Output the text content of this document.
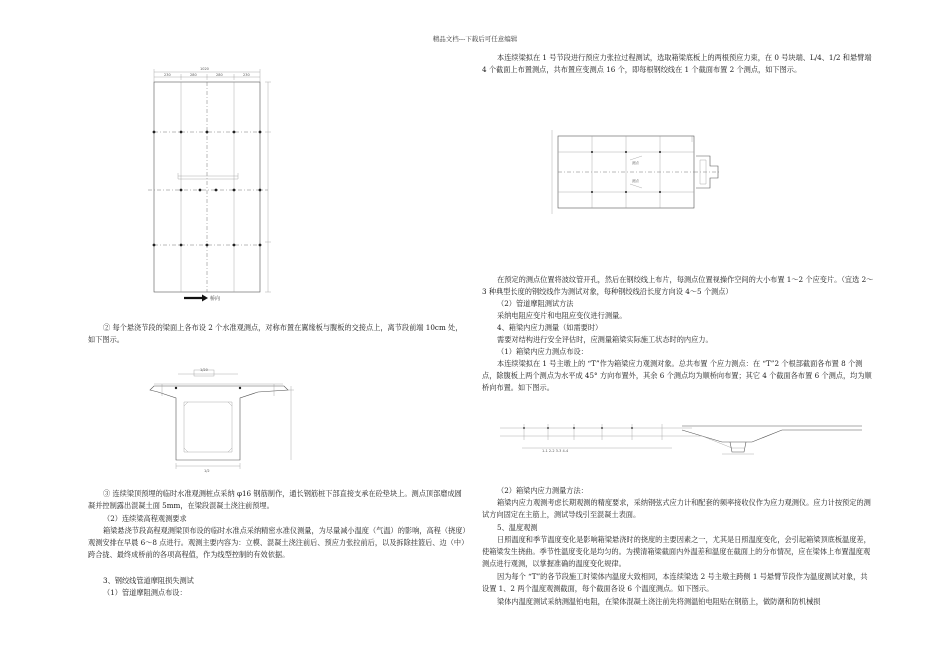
精品文档---下载后可任意编辑
1020
230	280	280	230
桥向

② 每个悬浇节段的梁面上各布设 2 个水准观测点，对称布置在翼缘板与腹板的交接点上，离节段前端 10cm 处，如下图示。

1/20
1/2

③ 连续梁顶预埋的临时水准观测桩点采纳 φ16 钢筋制作，通长钢筋桩下部直接支承在砼垫块上。测点顶部磨成圆凝并控制露出混凝土面 5mm，在梁段混凝土浇注前预埋。

（2）连续梁高程观测要求

箱梁悬浇节段高程观测梁顶布设的临时水准点采纳精密水准仪测量，为尽量减小温度（气温）的影响，高程（挠度）观测安排在早晨 6～8 点进行。观测主要内容为：立模、混凝土浇注前后、预应力张拉前后，以及拆除挂篮后、边（中）跨合拢、最终成桥前的各项高程值，作为线型控制的有效依据。

3、钢绞线管道摩阻损失测试

（1）管道摩阻测点布设：

本连续梁拟在 1 号节段进行预应力张拉过程测试，选取箱梁底板上的两根预应力束，在 0 号块端、L/4、1/2 和悬臂端 4 个截面上布置测点，共布置应变测点 16 个，即每根钢绞线在 1 个截面布置 2 个测点，如下图示。

测点
测点

在预定的测点位置将波纹管开孔，然后在钢绞线上布片，每测点位置视操作空间的大小布置 1～2 个应变片。（宜选 2～3 种典型长度的钢绞线作为测试对象，每种钢绞线沿长度方向设 4～5 个测点）

（2）管道摩阻测试方法

采纳电阻应变片和电阻应变仪进行测量。

4、箱梁内应力测量（如需要时）

需要对结构进行安全评估时，应测量箱梁实际施工状态时的内应力。

（1）箱梁内应力测点布设：

本连续梁拟在 1 号主墩上的 “T”作为箱梁应力观测对象。总共布置 个应力测点：在 “T”2 个根部截面各布置 8 个测点，除腹板上两个测点为水平成 45° 方向布置外，其余 6 个测点均为顺桥向布置；其它 4 个截面各布置 6 个测点，均为顺桥向布置。如下图示。

1-1 2-2 3-3 4-4

（2）箱梁内应力测量方法：

箱梁内应力观测考虑长期观测的精度要求，采纳钢弦式应力计和配套的频率接收仪作为应力观测仪。应力计按预定的测试方向固定在主筋上，测试导线引至混凝土表面。

5、温度观测

日照温度和季节温度变化是影响箱梁悬浇时的挠度的主要因素之一，尤其是日照温度变化，会引起箱梁顶底板温度差，使箱梁发生挠曲。季节性温度变化是均匀的。为摸清箱梁截面内外温差和温度在截面上的分布情况，应在梁体上布置温度观测点进行观测，以掌握准确的温度变化规律。

因为每个 “T”的各节段施工时梁体内温度大致相同，本连续梁选 2 号主墩主跨侧 1 号悬臂节段作为温度测试对象，共设置 1、2 两个温度观测截面，每个截面各设 6 个温度测点。如下图示。

梁体内温度测试采纳测温铂电阻，在梁体混凝土浇注前先将测温铂电阻贴在钢筋上，做防潮和防机械损
